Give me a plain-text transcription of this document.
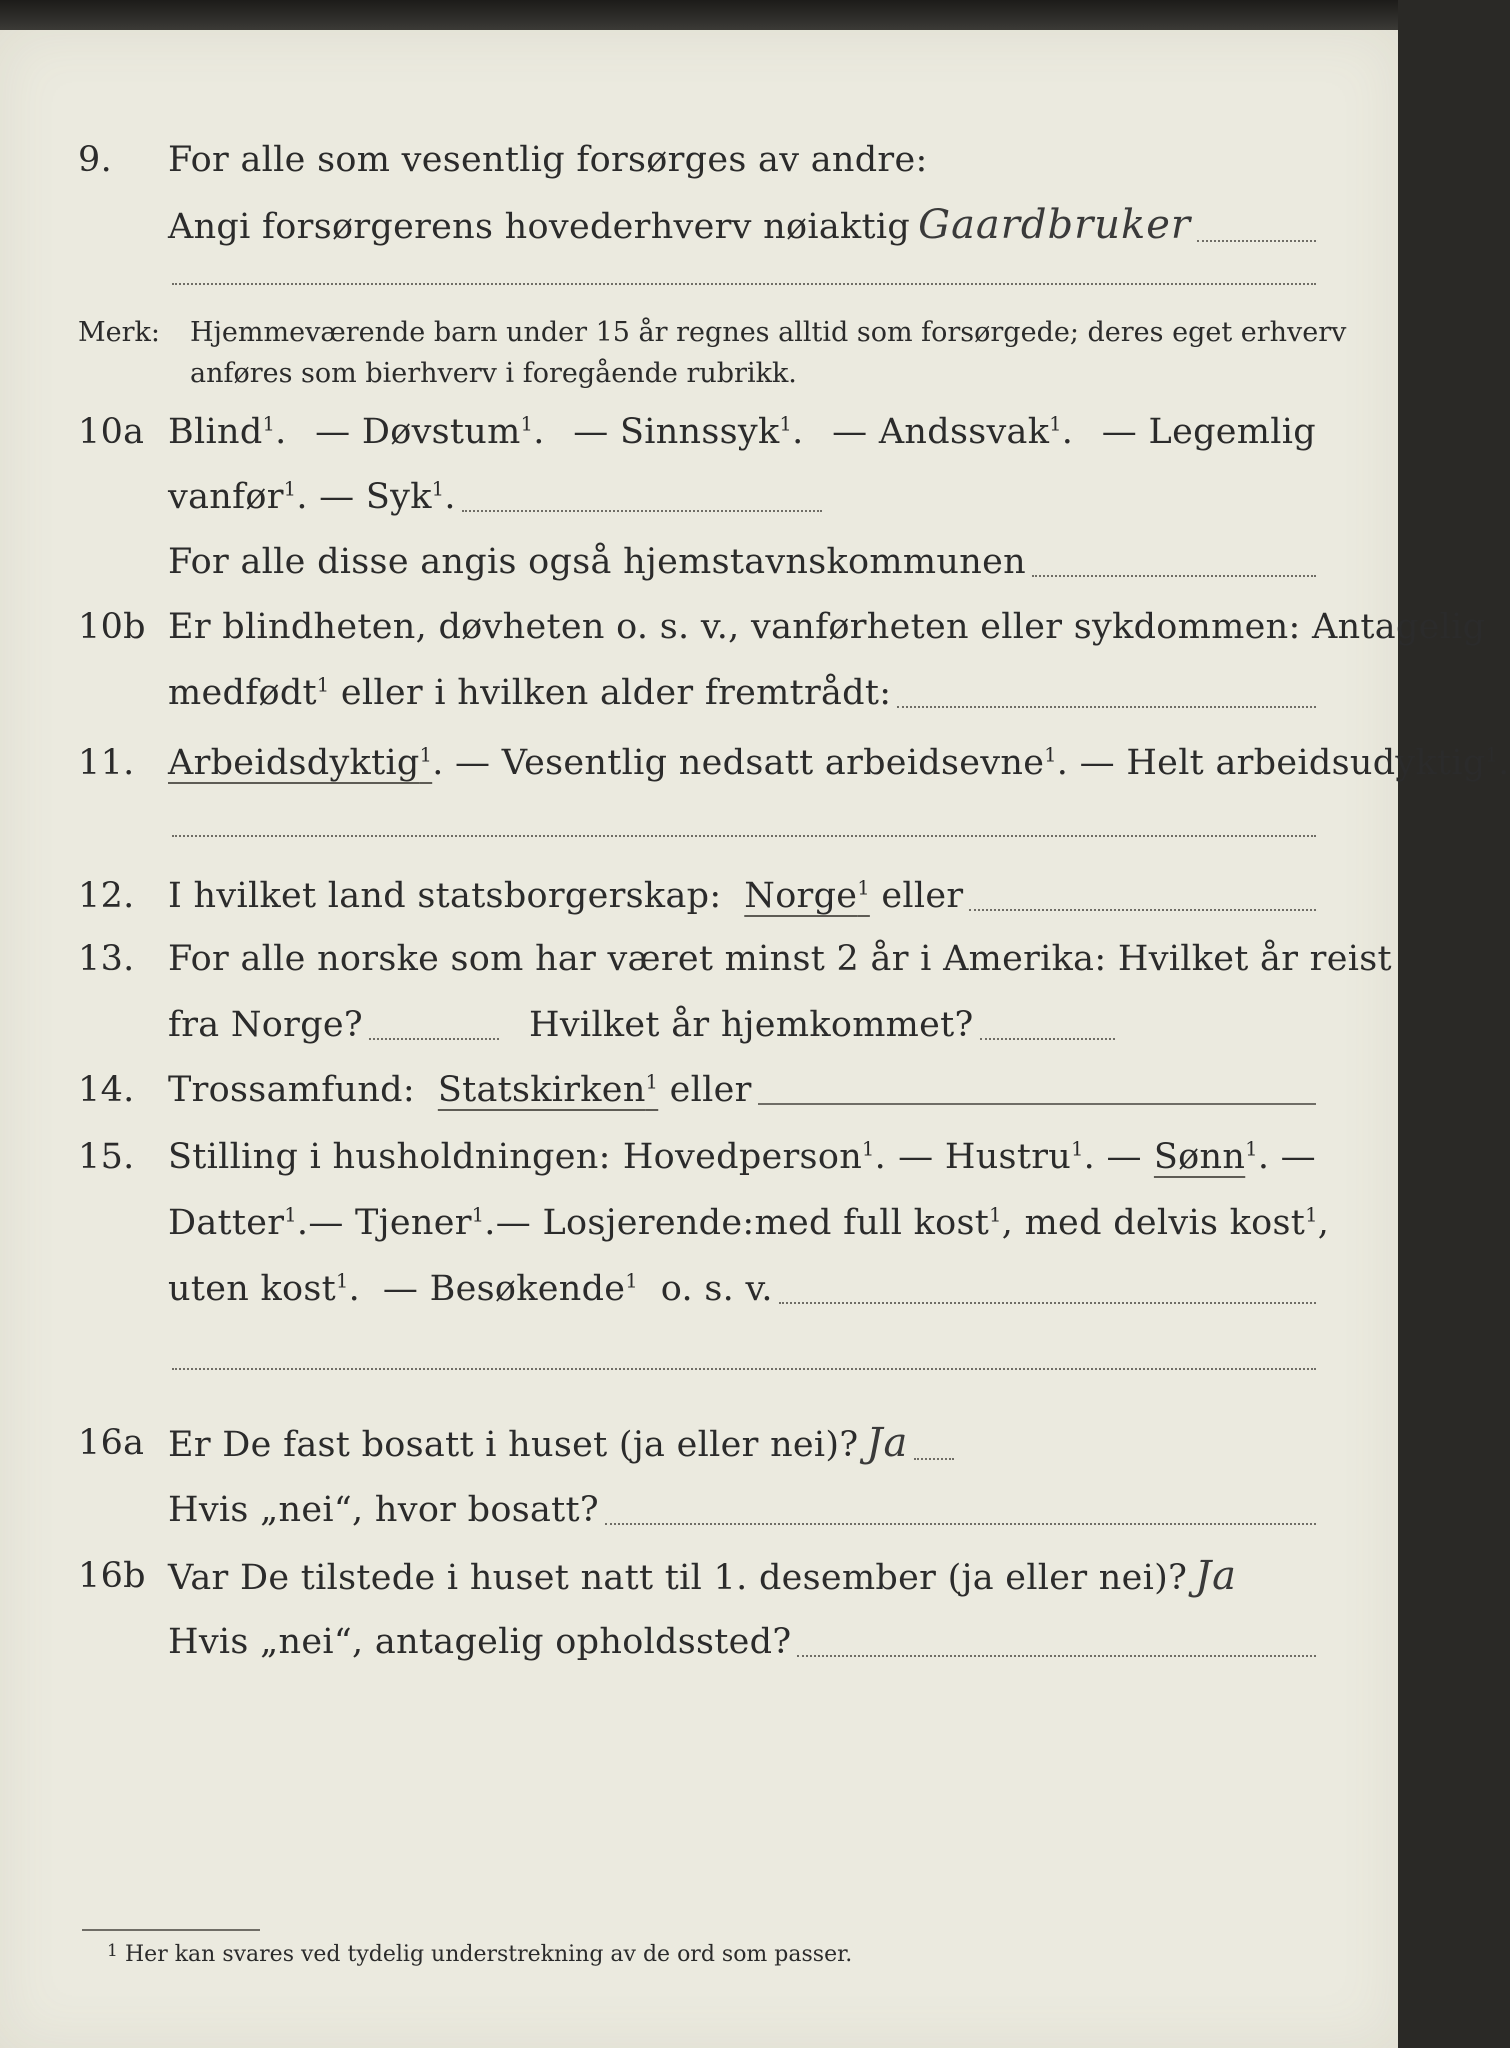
9.	For alle som vesentlig forsørges av andre:
Angi forsørgerens hovederhverv nøiaktig Gaardbruker
Merk: Hjemmeværende barn under 15 år regnes alltid som forsørgede; deres eget erhverv
anføres som bierhverv i foregående rubrikk.
10a Blind$^1$. — Døvstum$^1$. — Sinnssyk$^1$. — Andssvak$^1$. — Legemlig
vanfør$^1$. — Syk$^1$.
For alle disse angis også hjemstavnskommunen
10b Er blindheten, døvheten o. s. v., vanførheten eller sykdommen: Antagelig
medfødt$^1$ eller i hvilken alder fremtrådt:
11. Arbeidsdyktig$^1$ . — Vesentlig nedsatt arbeidsevne$^1$ . — Helt arbeidsudyktig$^1$.
12. I hvilket land statsborgerskap:
Norge$^1$
eller
13. For alle norske som har været minst 2 år i Amerika: Hvilket år reist
fra Norge?	Hvilket år hjemkommet?
14. Trossamfund:
Statskirken$^1$
eller
15. Stilling i husholdningen: Hovedperson$^1$. — Hustru$^1$. — Sønn$^1$. —
Datter$^1$. — Tjener$^1$. — Losjerende: med full kost$^1$ , med delvis kost$^1$,
uten kost$^1$. — Besøkende$^1$ o. s. v.
16a Er De fast bosatt i huset (ja eller nei)? Ja
Hvis „nei“, hvor bosatt?
16b Var De tilstede i huset natt til 1. desember (ja eller nei)? Ja
Hvis „nei“, antagelig opholdssted?
1 Her kan svares ved tydelig understrekning av de ord som passer.
